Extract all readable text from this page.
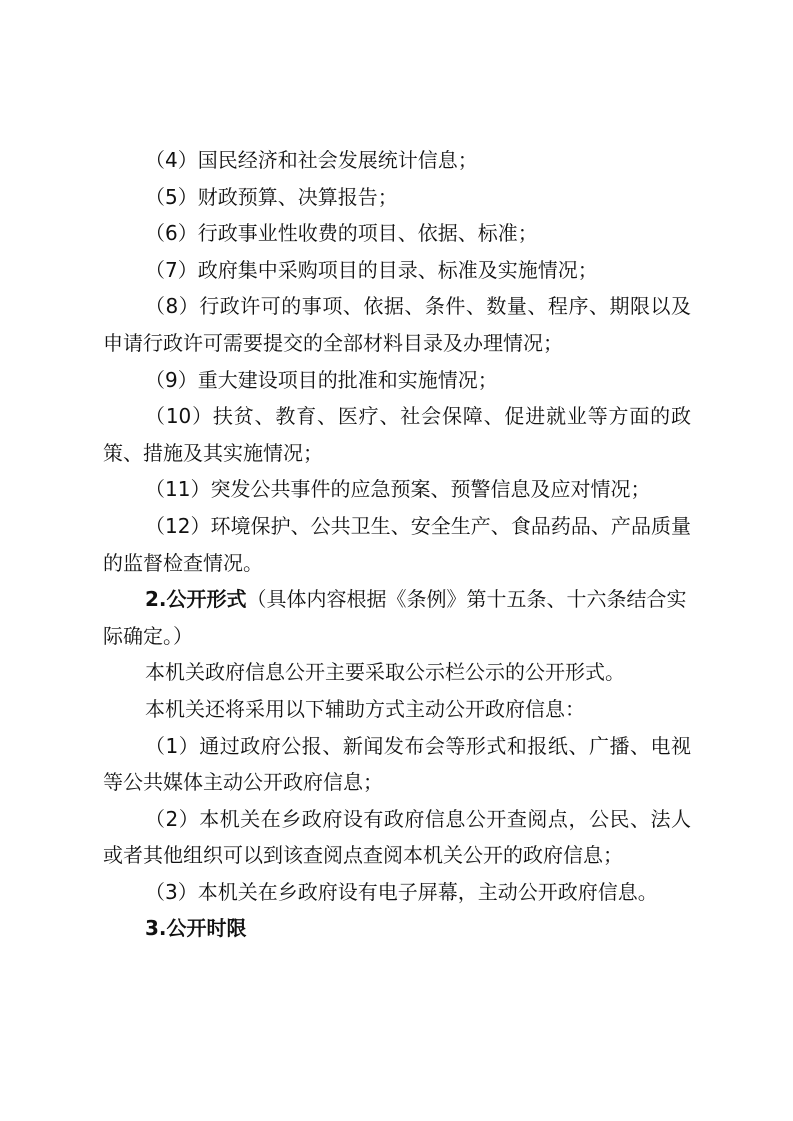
（4）国民经济和社会发展统计信息；

（5）财政预算、决算报告；

（6）行政事业性收费的项目、依据、标准；

（7）政府集中采购项目的目录、标准及实施情况；

（8）行政许可的事项、依据、条件、数量、程序、期限以及申请行政许可需要提交的全部材料目录及办理情况；

（9）重大建设项目的批准和实施情况；

（10）扶贫、教育、医疗、社会保障、促进就业等方面的政策、措施及其实施情况；

（11）突发公共事件的应急预案、预警信息及应对情况；

（12）环境保护、公共卫生、安全生产、食品药品、产品质量的监督检查情况。

2.公开形式（具体内容根据《条例》第十五条、十六条结合实际确定。）

本机关政府信息公开主要采取公示栏公示的公开形式。

本机关还将采用以下辅助方式主动公开政府信息：

（1）通过政府公报、新闻发布会等形式和报纸、广播、电视等公共媒体主动公开政府信息；

（2）本机关在乡政府设有政府信息公开查阅点，公民、法人或者其他组织可以到该查阅点查阅本机关公开的政府信息；

（3）本机关在乡政府设有电子屏幕，主动公开政府信息。

3.公开时限
